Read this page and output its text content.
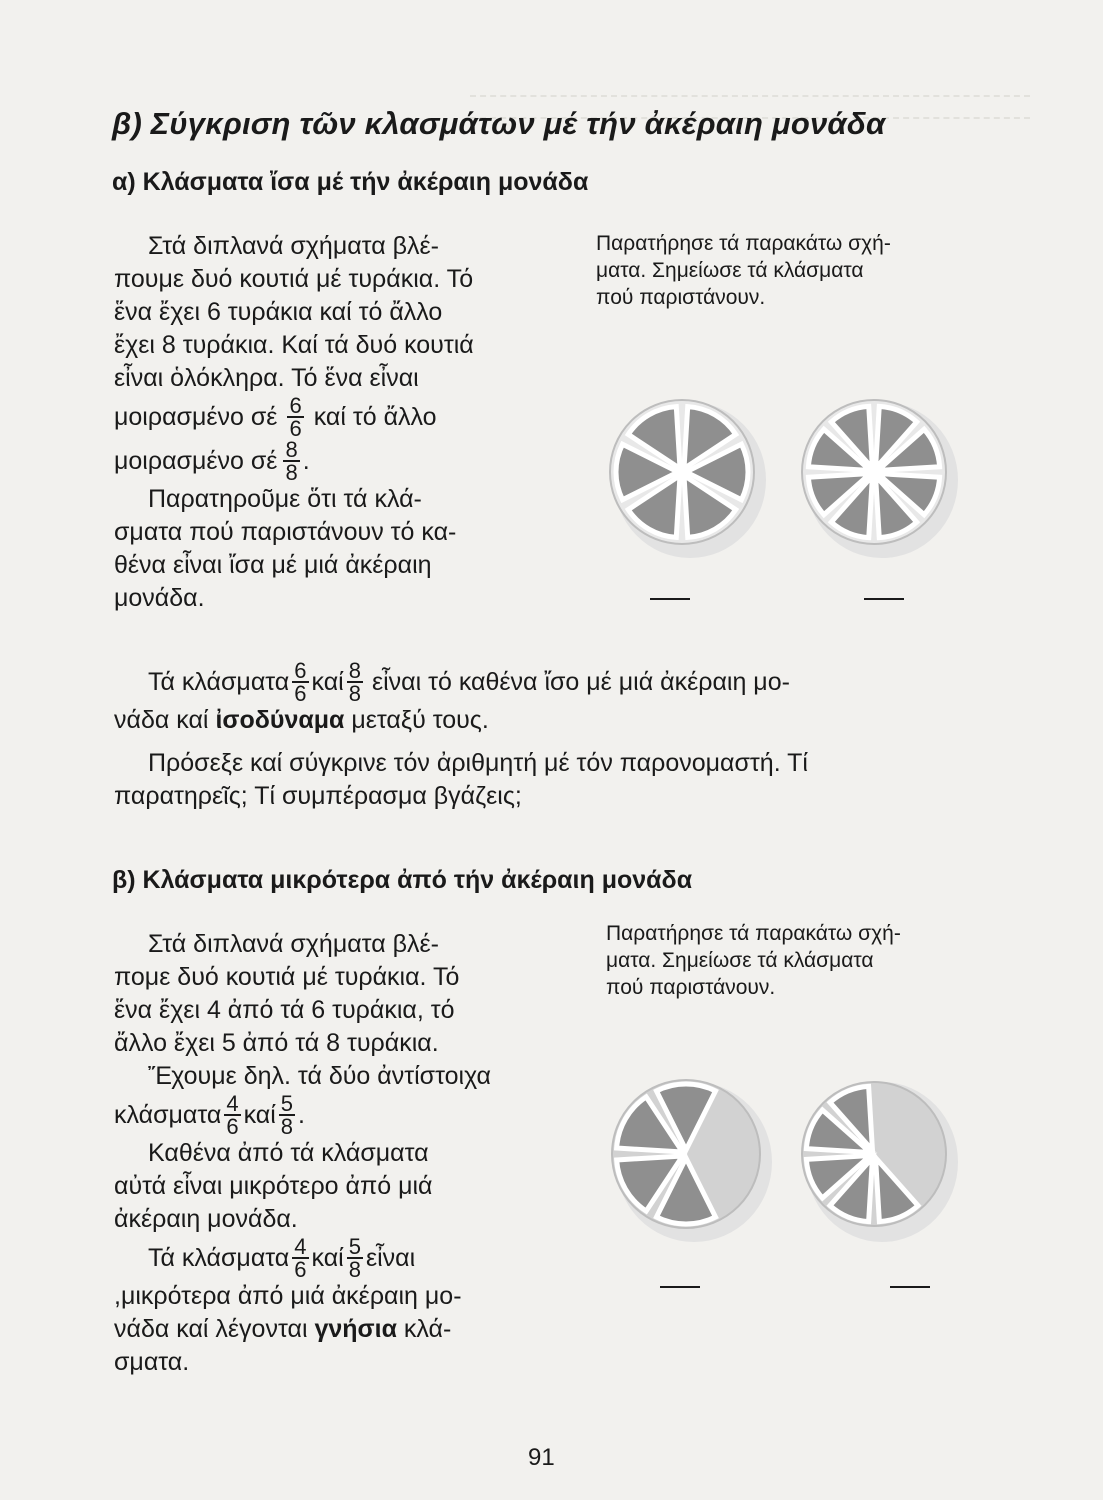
β) Σύγκριση τῶν κλασμάτων μέ τήν ἀκέραιη μονάδα
α) Κλάσματα ἴσα μέ τήν ἀκέραιη μονάδα
Στά διπλανά σχήματα βλέ-
πουμε δυό κουτιά μέ τυράκια. Τό
ἕνα ἔχει 6 τυράκια καί τό ἄλλο
ἔχει 8 τυράκια. Καί τά δυό κουτιά
εἶναι ὁλόκληρα. Τό ἕνα εἶναι
μοιρασμένο σέ $\frac{6}{6}$ καί τό ἄλλο
μοιρασμένο σέ $\frac{8}{8}$ .
Παρατηροῦμε ὅτι τά κλά-
σματα πού παριστάνουν τό κα-
θένα εἶναι ἴσα μέ μιά ἀκέραιη
μονάδα.
Παρατήρησε τά παρακάτω σχή-
ματα. Σημείωσε τά κλάσματα
πού παριστάνουν.
Τά κλάσματα $\frac{6}{6}$ καί $\frac{8}{8}$ εἶναι τό καθένα ἴσο μέ μιά ἀκέραιη μο-
νάδα καί ἰσοδύναμα μεταξύ τους.
Πρόσεξε καί σύγκρινε τόν ἀριθμητή μέ τόν παρονομαστή. Τί
παρατηρεῖς; Τί συμπέρασμα βγάζεις;
β) Κλάσματα μικρότερα ἀπό τήν ἀκέραιη μονάδα
Στά διπλανά σχήματα βλέ-
πομε δυό κουτιά μέ τυράκια. Τό
ἕνα ἔχει 4 ἀπό τά 6 τυράκια, τό
ἄλλο ἔχει 5 ἀπό τά 8 τυράκια.
Ἔχουμε δηλ. τά δύο ἀντίστοιχα
κλάσματα $\frac{4}{6}$ καί $\frac{5}{8}$ .
Καθένα ἀπό τά κλάσματα
αὐτά εἶναι μικρότερο ἀπό μιά
ἀκέραιη μονάδα.
Τά κλάσματα $\frac{4}{6}$ καί $\frac{5}{8}$ εἶναι
,μικρότερα ἀπό μιά ἀκέραιη μο-
νάδα καί λέγονται γνήσια κλά-
σματα.
Παρατήρησε τά παρακάτω σχή-
ματα. Σημείωσε τά κλάσματα
πού παριστάνουν.
91
